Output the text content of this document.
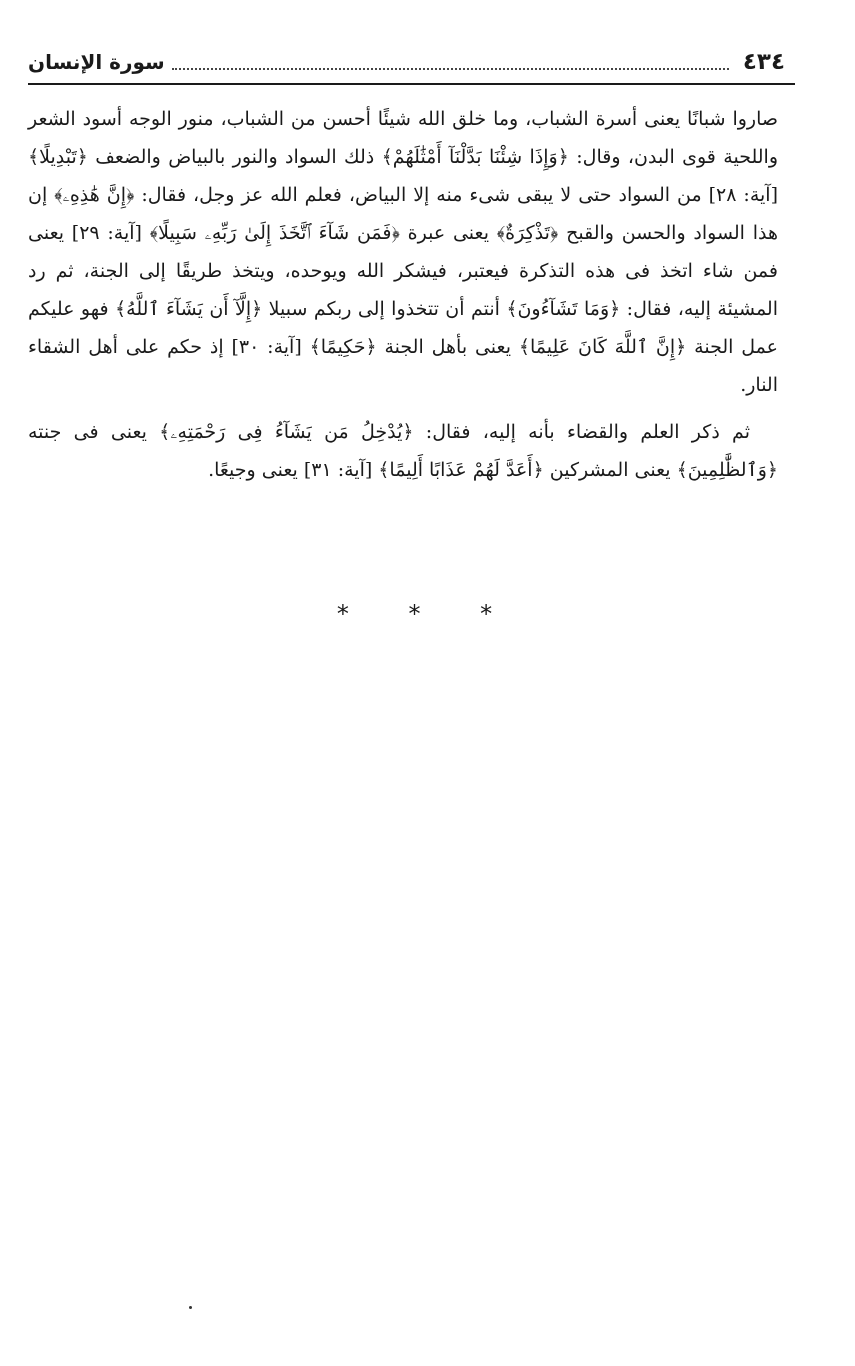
٤٣٤
سورة الإنسان

صاروا شبانًا يعنى أسرة الشباب، وما خلق الله شيئًا أحسن من الشباب، منور الوجه أسود الشعر واللحية قوى البدن، وقال: ﴿وَإِذَا شِئْنَا بَدَّلْنَآ أَمْثَٰلَهُمْ﴾ ذلك السواد والنور بالبياض والضعف ﴿تَبْدِيلًا﴾ [آية: ٢٨] من السواد حتى لا يبقى شىء منه إلا البياض، فعلم الله عز وجل، فقال: ﴿إِنَّ هَٰذِهِۦ﴾ إن هذا السواد والحسن والقبح ﴿تَذْكِرَةٌ﴾ يعنى عبرة ﴿فَمَن شَآءَ ٱتَّخَذَ إِلَىٰ رَبِّهِۦ سَبِيلًا﴾ [آية: ٢٩] يعنى فمن شاء اتخذ فى هذه التذكرة فيعتبر، فيشكر الله ويوحده، ويتخذ طريقًا إلى الجنة، ثم رد المشيئة إليه، فقال: ﴿وَمَا تَشَآءُونَ﴾ أنتم أن تتخذوا إلى ربكم سبيلا ﴿إِلَّآ أَن يَشَآءَ ٱللَّهُ﴾ فهو عليكم عمل الجنة ﴿إِنَّ ٱللَّهَ كَانَ عَلِيمًا﴾ يعنى بأهل الجنة ﴿حَكِيمًا﴾ [آية: ٣٠] إذ حكم على أهل الشقاء النار.

ثم ذكر العلم والقضاء بأنه إليه، فقال: ﴿يُدْخِلُ مَن يَشَآءُ فِى رَحْمَتِهِۦ﴾ يعنى فى جنته ﴿وَٱلظَّٰلِمِينَ﴾ يعنى المشركين ﴿أَعَدَّ لَهُمْ عَذَابًا أَلِيمًا﴾ [آية: ٣١] يعنى وجيعًا.

* * *
